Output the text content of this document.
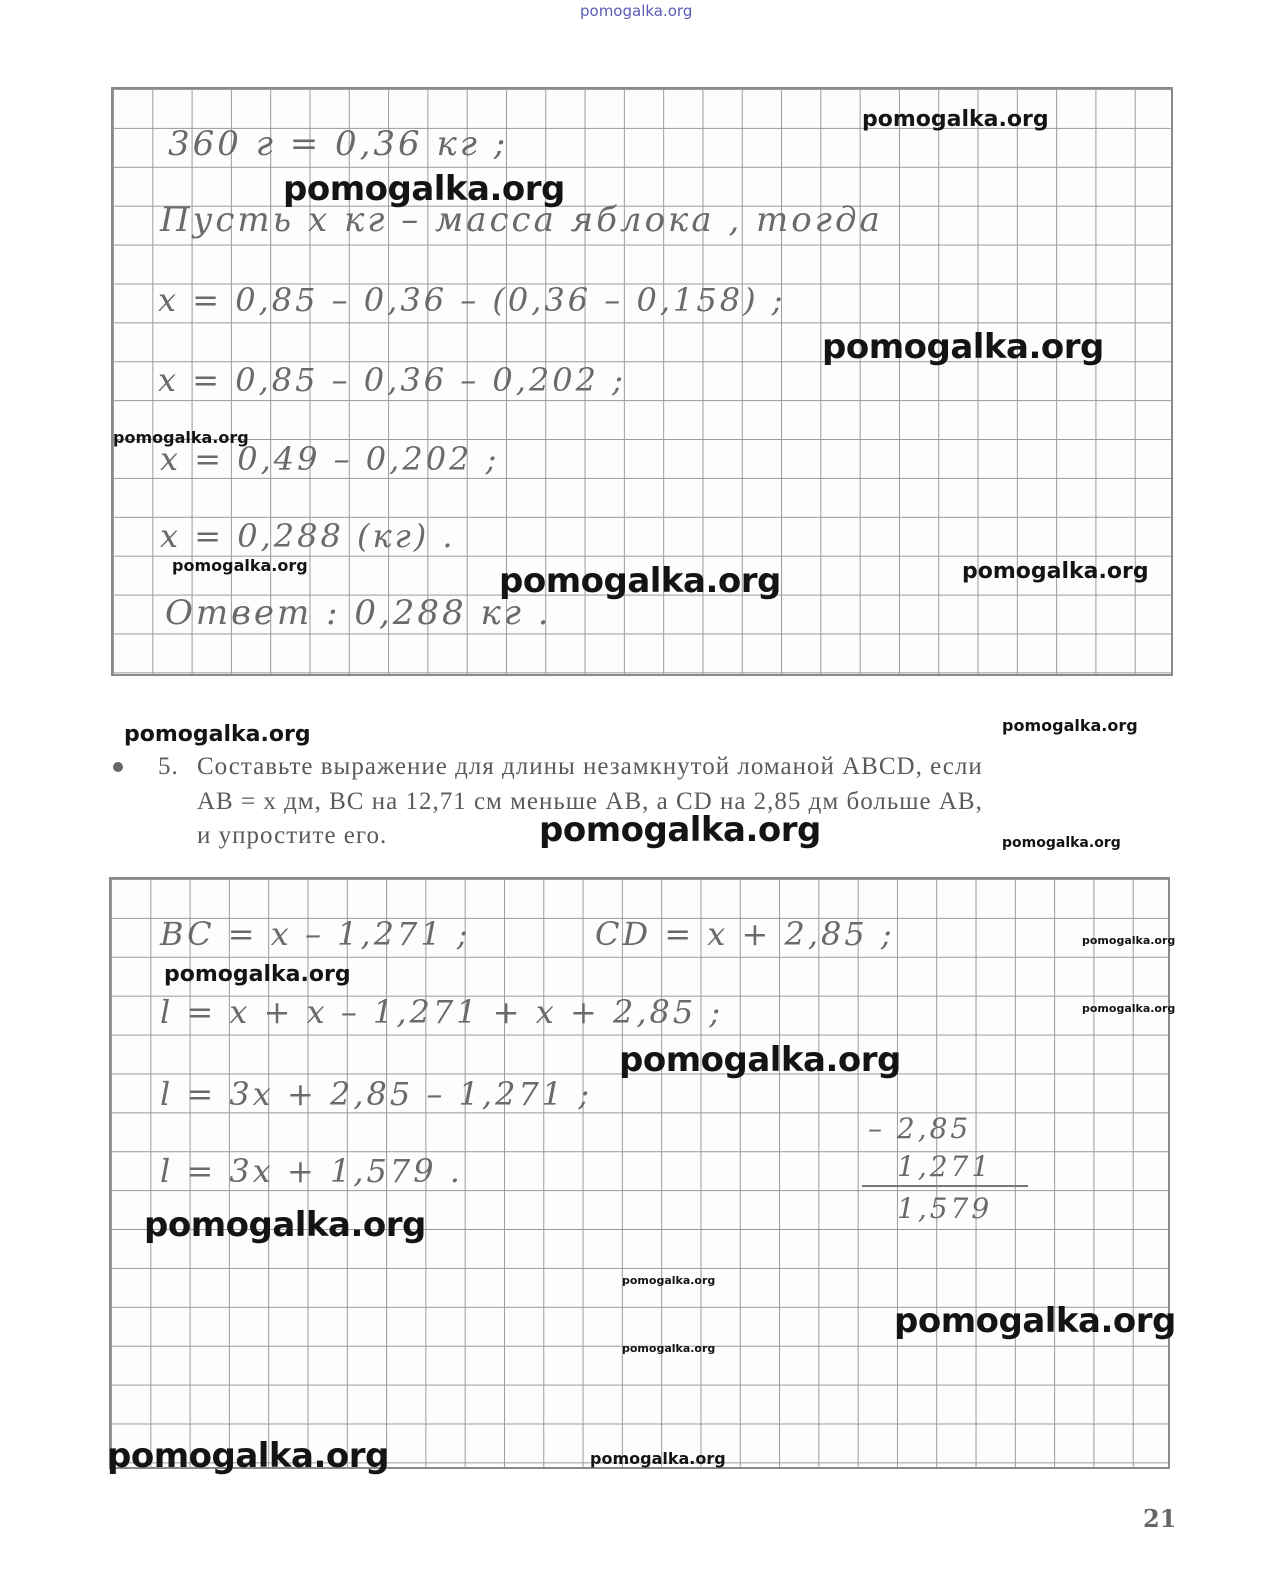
pomogalka.org
360 г = 0,36 кг ;
Пусть x кг – масса яблока , тогда
x = 0,85 – 0,36 – (0,36 – 0,158) ;
x = 0,85 – 0,36 – 0,202 ;
x = 0,49 – 0,202 ;
x = 0,288 (кг) .
Ответ : 0,288 кг .
5. Составьте выражение для длины незамкнутой ломаной ABCD, если
AB = x дм, BC на 12,71 см меньше AB, а CD на 2,85 дм больше AB,
и упростите его.
BC = x – 1,271 ;	CD = x + 2,85 ;
l = x + x – 1,271 + x + 2,85 ;
l = 3x + 2,85 – 1,271 ;
l = 3x + 1,579 .
– 2,85
1,271
1,579
pomogalka.org
pomogalka.org
pomogalka.org
pomogalka.org
pomogalka.org	pomogalka.org	pomogalka.org
pomogalka.org	pomogalka.org
pomogalka.org	pomogalka.org
pomogalka.org
pomogalka.org
pomogalka.org
pomogalka.org
pomogalka.org
pomogalka.org
pomogalka.org
pomogalka.org
pomogalka.org	pomogalka.org
21
